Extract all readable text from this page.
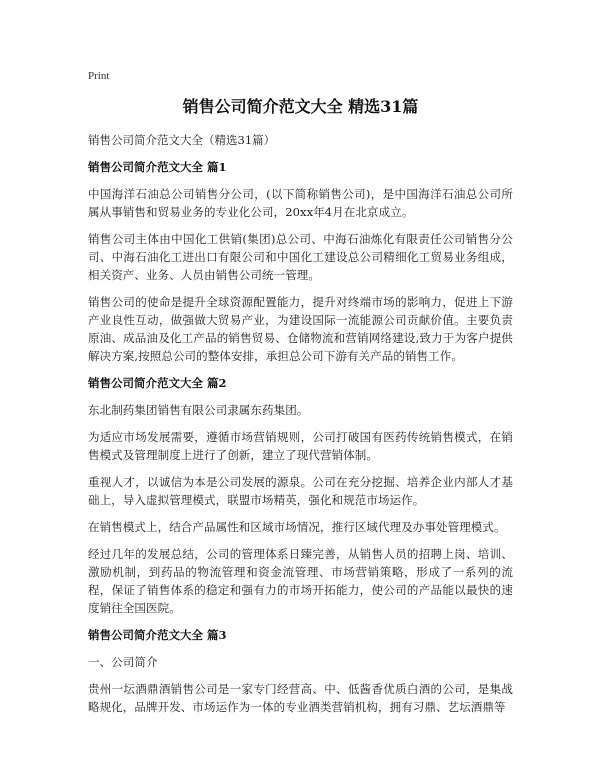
Print
销售公司简介范文大全 精选31篇
销售公司简介范文大全（精选31篇）
销售公司简介范文大全 篇1
中国海洋石油总公司销售分公司，(以下简称销售公司)，是中国海洋石油总公司所属从事销售和贸易业务的专业化公司，20xx年4月在北京成立。
销售公司主体由中国化工供销(集团)总公司、中海石油炼化有限责任公司销售分公司、中海石油化工进出口有限公司和中国化工建设总公司精细化工贸易业务组成，相关资产、业务、人员由销售公司统一管理。
销售公司的使命是提升全球资源配置能力，提升对终端市场的影响力，促进上下游产业良性互动，做强做大贸易产业，为建设国际一流能源公司贡献价值。主要负责原油、成品油及化工产品的销售贸易、仓储物流和营销网络建设,致力于为客户提供解决方案,按照总公司的整体安排，承担总公司下游有关产品的销售工作。
销售公司简介范文大全 篇2
东北制药集团销售有限公司隶属东药集团。
为适应市场发展需要，遵循市场营销规则，公司打破国有医药传统销售模式，在销售模式及管理制度上进行了创新，建立了现代营销体制。
重视人才，以诚信为本是公司发展的源泉。公司在充分挖掘、培养企业内部人才基础上，导入虚拟管理模式，联盟市场精英，强化和规范市场运作。
在销售模式上，结合产品属性和区域市场情况，推行区域代理及办事处管理模式。
经过几年的发展总结，公司的管理体系日臻完善，从销售人员的招聘上岗、培训、激励机制，到药品的物流管理和资金流管理、市场营销策略，形成了一系列的流程，保证了销售体系的稳定和强有力的市场开拓能力，使公司的产品能以最快的速度销往全国医院。
销售公司简介范文大全 篇3
一、公司简介
贵州一坛酒鼎酒销售公司是一家专门经营高、中、低酱香优质白酒的公司，是集战略规化，品牌开发、市场运作为一体的专业酒类营销机构，拥有习鼎、艺坛酒鼎等
